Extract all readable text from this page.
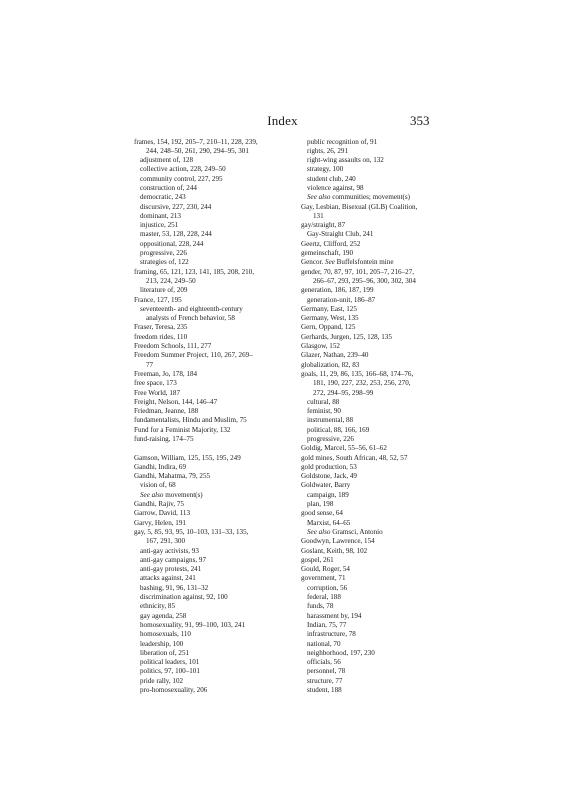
Index	353
frames, 154, 192, 205–7, 210–11, 228, 239,
244, 248–50, 261, 290, 294–95, 301
adjustment of, 128
collective action, 228, 249–50
community control, 227, 295
construction of, 244
democratic, 243
discursive, 227, 230, 244
dominant, 213
injustice, 251
master, 53, 128, 228, 244
oppositional, 228, 244
progressive, 226
strategies of, 122
framing, 65, 121, 123, 141, 185, 208, 210,
213, 224, 249–50
literature of, 209
France, 127, 195
seventeenth- and eighteenth-century
analysts of French behavior, 58
Fraser, Teresa, 235
freedom rides, 110
Freedom Schools, 111, 277
Freedom Summer Project, 110, 267, 269–
77
Freeman, Jo, 178, 184
free space, 173
Free World, 187
Freight, Nelson, 144, 146–47
Friedman, Jeanne, 188
fundamentalists, Hindu and Muslim, 75
Fund for a Feminist Majority, 132
fund-raising, 174–75
Gamson, William, 125, 155, 195, 249
Gandhi, Indira, 69
Gandhi, Mahatma, 79, 255
vision of, 68
See also movement(s)
Gandhi, Rajiv, 75
Garrow, David, 113
Garvy, Helen, 191
gay, 5, 85, 93, 95, 10–103, 131–33, 135,
167, 291, 300
anti-gay activists, 93
anti-gay campaigns, 97
anti-gay protests, 241
attacks against, 241
bashing, 91, 96, 131–32
discrimination against, 92, 100
ethnicity, 85
gay agenda, 258
homosexuality, 91, 99–100, 103, 241
homosexuals, 110
leadership, 100
liberation of, 251
political leaders, 101
politics, 97, 100–101
pride rally, 102
pro-homosexuality, 206
public recognition of, 91
rights, 26, 291
right-wing assaults on, 132
strategy, 100
student club, 240
violence against, 98
See also communities; movement(s)
Gay, Lesbian, Bisexual (GLB) Coalition,
131
gay/straight, 87
Gay-Straight Club, 241
Geertz, Clifford, 252
gemeinschaft, 190
Gencor. See Buffelsfontein mine
gender, 70, 87, 97, 101, 205–7, 216–27,
266–67, 293, 295–96, 300, 302, 304
generation, 186, 187, 199
generation-unit, 186–87
Germany, East, 125
Germany, West, 135
Gern, Oppand, 125
Gerhards, Jurgen, 125, 128, 135
Glasgow, 152
Glazer, Nathan, 239–40
globalization, 82, 83
goals, 11, 29, 86, 135, 166–68, 174–76,
181, 190, 227, 232, 253, 256, 270,
272, 294–95, 298–99
cultural, 88
feminist, 90
instrumental, 88
political, 88, 166, 169
progressive, 226
Goldig, Marcel, 55–56, 61–62
gold mines, South African, 48, 52, 57
gold production, 53
Goldstone, Jack, 49
Goldwater, Barry
campaign, 189
plan, 198
good sense, 64
Marxist, 64–65
See also Gramsci, Antonio
Goodwyn, Lawrence, 154
Goslant, Keith, 98, 102
gospel, 261
Gould, Roger, 54
government, 71
corruption, 56
federal, 188
funds, 78
harassment by, 194
Indian, 75, 77
infrastructure, 78
national, 70
neighborhood, 197, 230
officials, 56
personnel, 78
structure, 77
student, 188
